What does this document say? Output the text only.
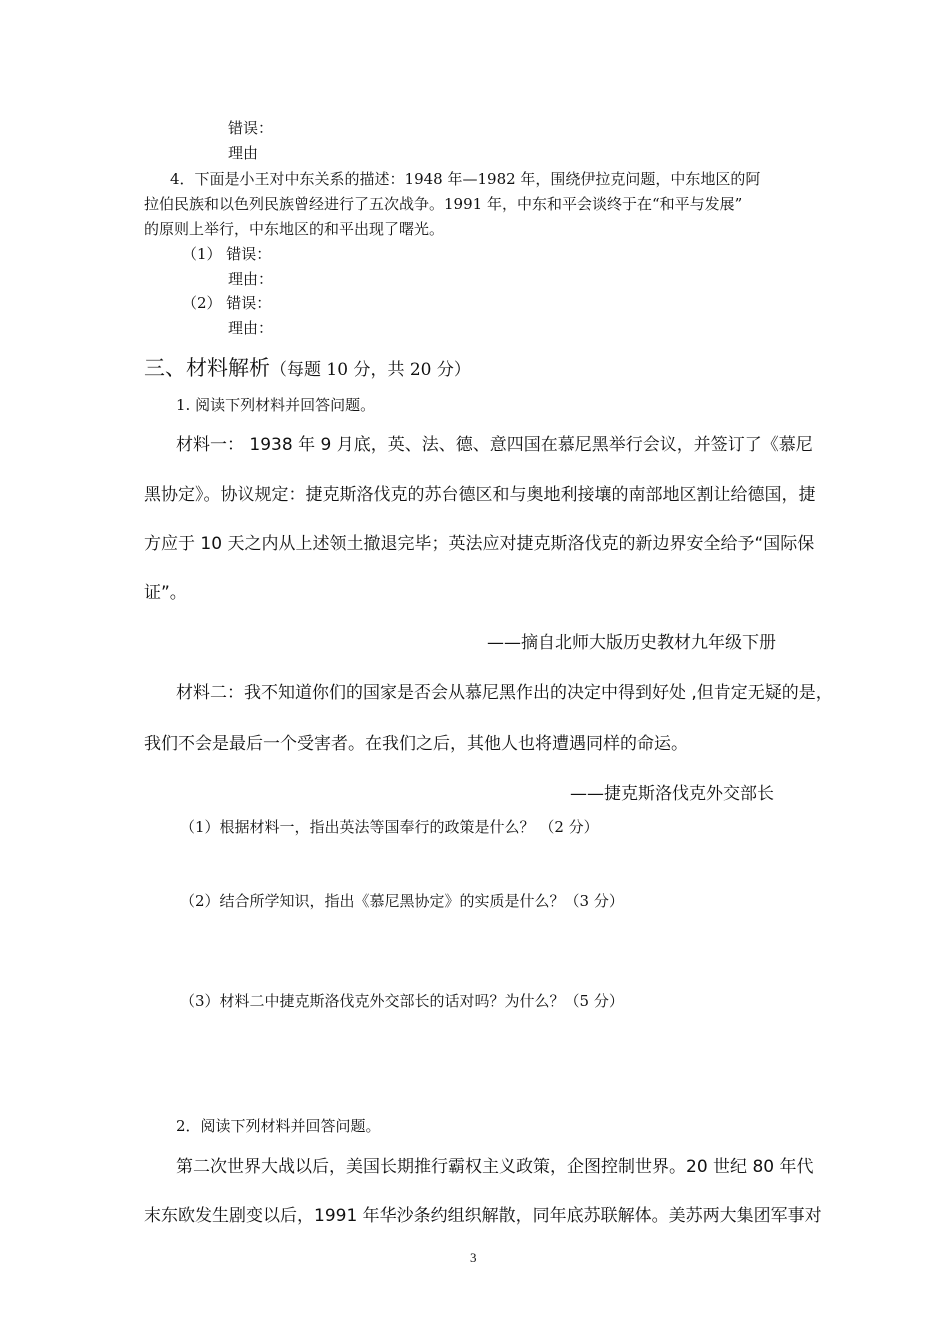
错误：
理由
4．下面是小王对中东关系的描述：1948 年—1982 年，围绕伊拉克问题，中东地区的阿
拉伯民族和以色列民族曾经进行了五次战争。1991 年，中东和平会谈终于在“和平与发展”
的原则上举行，中东地区的和平出现了曙光。
（1） 错误：
理由：
（2） 错误：
理由：
三、材料解析（每题 10 分，共 20 分）
1. 阅读下列材料并回答问题。
材料一： 1938 年 9 月底，英、法、德、意四国在慕尼黑举行会议，并签订了《慕尼
黑协定》。协议规定：捷克斯洛伐克的苏台德区和与奥地利接壤的南部地区割让给德国，捷
方应于 10 天之内从上述领土撤退完毕；英法应对捷克斯洛伐克的新边界安全给予“国际保
证”。
——摘自北师大版历史教材九年级下册
材料二：我不知道你们的国家是否会从慕尼黑作出的决定中得到好处 ,但肯定无疑的是，
我们不会是最后一个受害者。在我们之后，其他人也将遭遇同样的命运。
——捷克斯洛伐克外交部长
（1）根据材料一，指出英法等国奉行的政策是什么？ （2 分）
（2）结合所学知识，指出《慕尼黑协定》的实质是什么？（3 分）
（3）材料二中捷克斯洛伐克外交部长的话对吗？为什么？（5 分）
2．阅读下列材料并回答问题。
第二次世界大战以后，美国长期推行霸权主义政策，企图控制世界。20 世纪 80 年代
末东欧发生剧变以后，1991 年华沙条约组织解散，同年底苏联解体。美苏两大集团军事对
3
